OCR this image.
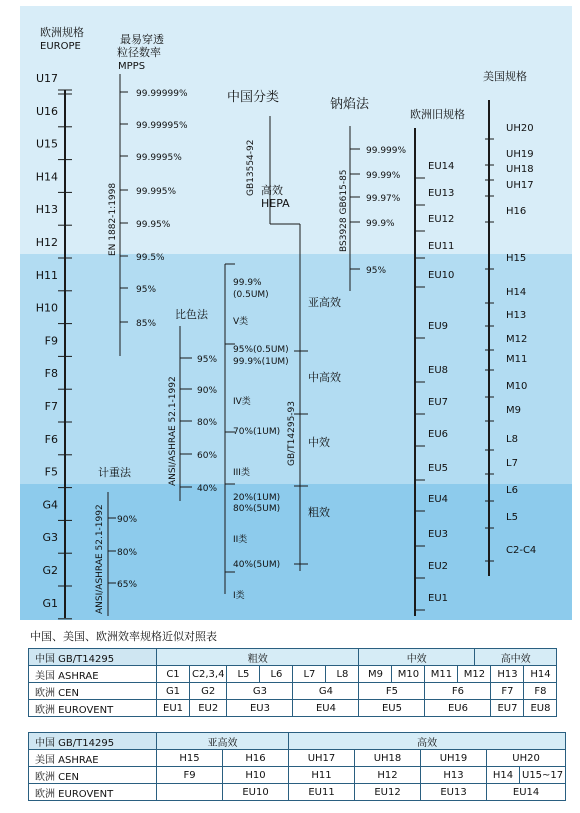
欧洲规格
EUROPE
U17
U16
U15
H14
H13
H12
H11
H10
F9
F8
F7
F6
F5
G4
G3
G2
G1
最易穿透
粒径数率
MPPS
EN 1882-1:1998
99.99999%
99.99995%
99.9995%
99.995%
99.95%
99.5%
95%
85%
中国分类
GB13554-92 高效
HEPA
GB/T14295-93
亚高效
中高效
中效
粗效
钠焰法
BS3928 GB615-85
99.999%
99.99%
99.97%
99.9%
95%
比色法
ANSI/ASHRAE 52.1-1992
95%
90%
80%
60%
40%
99.9%
(0.5UM)
V类
95%(0.5UM)
99.9%(1UM)
IV类
70%(1UM)
III类
20%(1UM)
80%(5UM)
II类
40%(5UM)
I类
计重法
ANSI/ASHRAE 52.1-1992 90%
80%
65%
欧洲旧规格
EU14
EU13
EU12
EU11
EU10
EU9
EU8
EU7
EU6
EU5
EU4
EU3
EU2
EU1
美国规格
UH20
UH19
UH18
UH17
H16
H15
H14
H13
M12
M11
M10
M9
L8
L7
L6
L5
C2-C4
中国、美国、欧洲效率规格近似对照表
中国 GB/T14295	粗效						中效				高中效		
美国 ASHRAE	C1	C2,3,4	L5	L6	L7	L8	M9	M10	M11	M12		H13	H14
欧洲 CEN	G1	G2	G3		G4		F5		F6			F7	F8
欧洲 EUROVENT	EU1	EU2	EU3		EU4		EU5		EU6			EU7	EU8
中国 GB/T14295	亚高效		高效				
美国 ASHRAE	H15	H16	UH17	UH18	UH19	UH20	
欧洲 CEN	F9	H10	H11	H12	H13	H14	U15~17
欧洲 EUROVENT		EU10	EU11	EU12	EU13	EU14	
